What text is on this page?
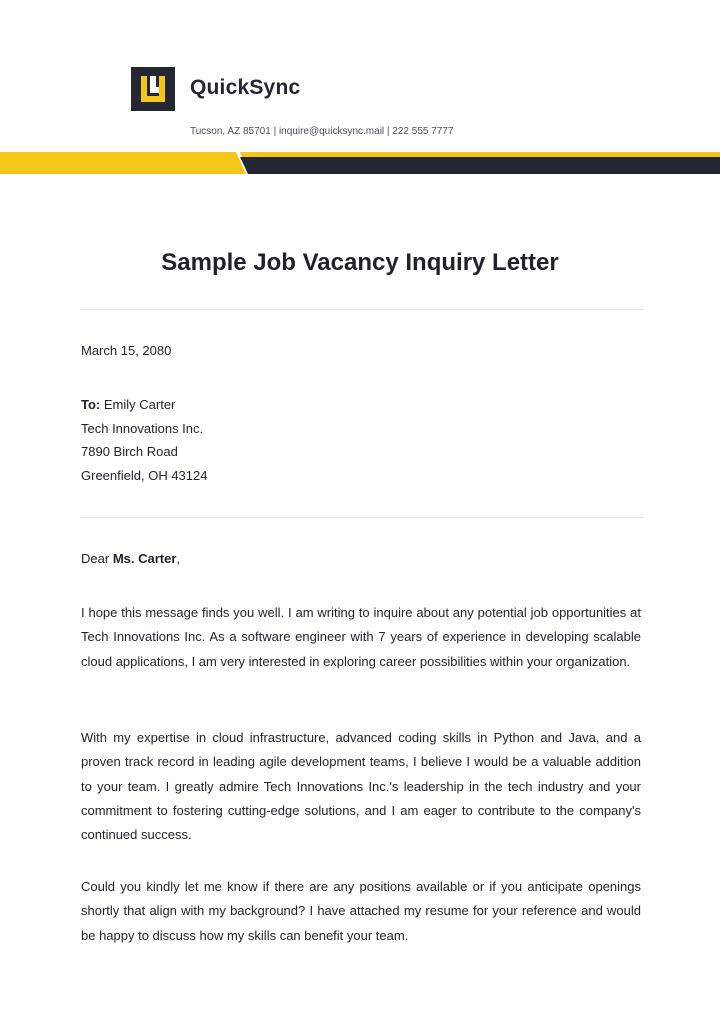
QuickSync
Tucson, AZ 85701 | inquire@quicksync.mail | 222 555 7777
Sample Job Vacancy Inquiry Letter
March 15, 2080
To: Emily Carter
Tech Innovations Inc.
7890 Birch Road
Greenfield, OH 43124
Dear Ms. Carter,
I hope this message finds you well. I am writing to inquire about any potential job opportunities at Tech Innovations Inc. As a software engineer with 7 years of experience in developing scalable cloud applications, I am very interested in exploring career possibilities within your organization.
With my expertise in cloud infrastructure, advanced coding skills in Python and Java, and a proven track record in leading agile development teams, I believe I would be a valuable addition to your team. I greatly admire Tech Innovations Inc.'s leadership in the tech industry and your commitment to fostering cutting-edge solutions, and I am eager to contribute to the company's continued success.
Could you kindly let me know if there are any positions available or if you anticipate openings shortly that align with my background? I have attached my resume for your reference and would be happy to discuss how my skills can benefit your team.
